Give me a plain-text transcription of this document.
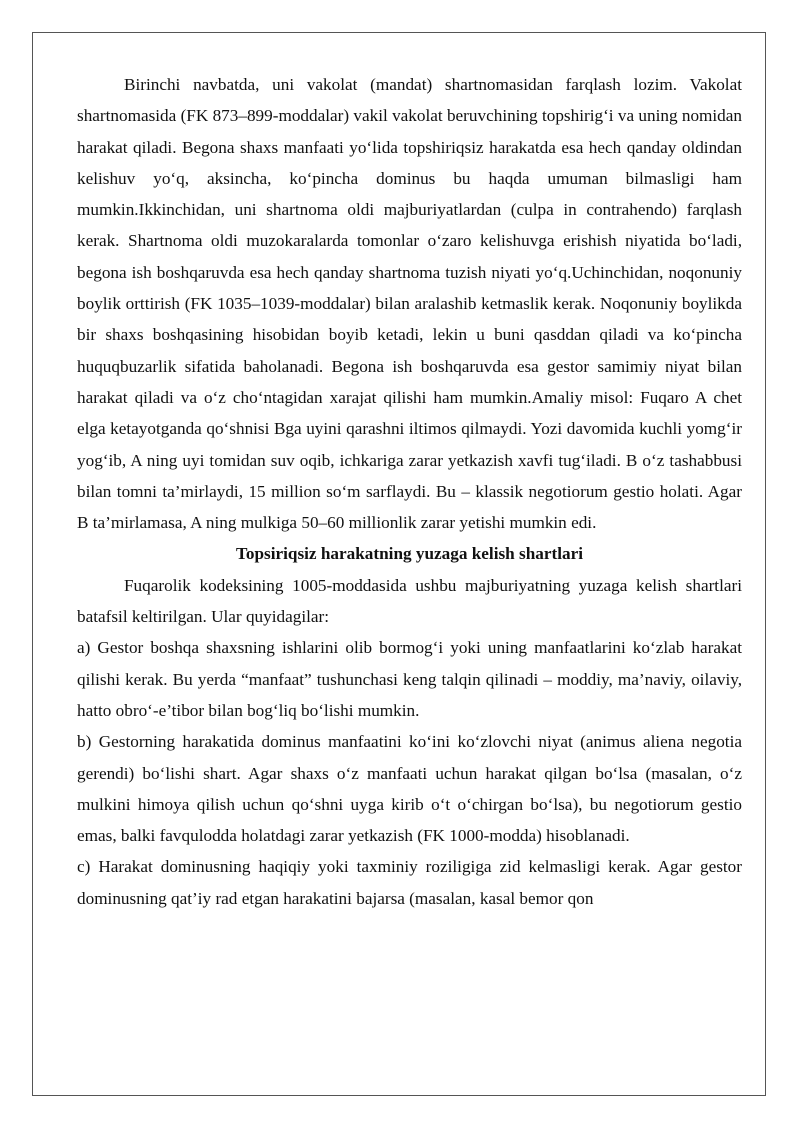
Birinchi navbatda, uni vakolat (mandat) shartnomasidan farqlash lozim. Vakolat shartnomasida (FK 873–899-moddalar) vakil vakolat beruvchining topshirig‘i va uning nomidan harakat qiladi. Begona shaxs manfaati yo‘lida topshiriqsiz harakatda esa hech qanday oldindan kelishuv yo‘q, aksincha, ko‘pincha dominus bu haqda umuman bilmasligi ham mumkin.Ikkinchidan, uni shartnoma oldi majburiyatlardan (culpa in contrahendo) farqlash kerak. Shartnoma oldi muzokaralarda tomonlar o‘zaro kelishuvga erishish niyatida bo‘ladi, begona ish boshqaruvda esa hech qanday shartnoma tuzish niyati yo‘q.Uchinchidan, noqonuniy boylik orttirish (FK 1035–1039-moddalar) bilan aralashib ketmaslik kerak. Noqonuniy boylikda bir shaxs boshqasining hisobidan boyib ketadi, lekin u buni qasddan qiladi va ko‘pincha huquqbuzarlik sifatida baholanadi. Begona ish boshqaruvda esa gestor samimiy niyat bilan harakat qiladi va o‘z cho‘ntagidan xarajat qilishi ham mumkin.Amaliy misol: Fuqaro A chet elga ketayotganda qo‘shnisi Bga uyini qarashni iltimos qilmaydi. Yozi davomida kuchli yomg‘ir yog‘ib, A ning uyi tomidan suv oqib, ichkariga zarar yetkazish xavfi tug‘iladi. B o‘z tashabbusi bilan tomni ta’mirlaydi, 15 million so‘m sarflaydi. Bu – klassik negotiorum gestio holati. Agar B ta’mirlamasa, A ning mulkiga 50–60 millionlik zarar yetishi mumkin edi.

Topsiriqsiz harakatning yuzaga kelish shartlari

Fuqarolik kodeksining 1005-moddasida ushbu majburiyatning yuzaga kelish shartlari batafsil keltirilgan. Ular quyidagilar:

a) Gestor boshqa shaxsning ishlarini olib bormog‘i yoki uning manfaatlarini ko‘zlab harakat qilishi kerak. Bu yerda “manfaat” tushunchasi keng talqin qilinadi – moddiy, ma’naviy, oilaviy, hatto obro‘-e’tibor bilan bog‘liq bo‘lishi mumkin.

b) Gestorning harakatida dominus manfaatini ko‘ini ko‘zlovchi niyat (animus aliena negotia gerendi) bo‘lishi shart. Agar shaxs o‘z manfaati uchun harakat qilgan bo‘lsa (masalan, o‘z mulkini himoya qilish uchun qo‘shni uyga kirib o‘t o‘chirgan bo‘lsa), bu negotiorum gestio emas, balki favqulodda holatdagi zarar yetkazish (FK 1000-modda) hisoblanadi.

c) Harakat dominusning haqiqiy yoki taxminiy roziligiga zid kelmasligi kerak. Agar gestor dominusning qat’iy rad etgan harakatini bajarsa (masalan, kasal bemor qon
